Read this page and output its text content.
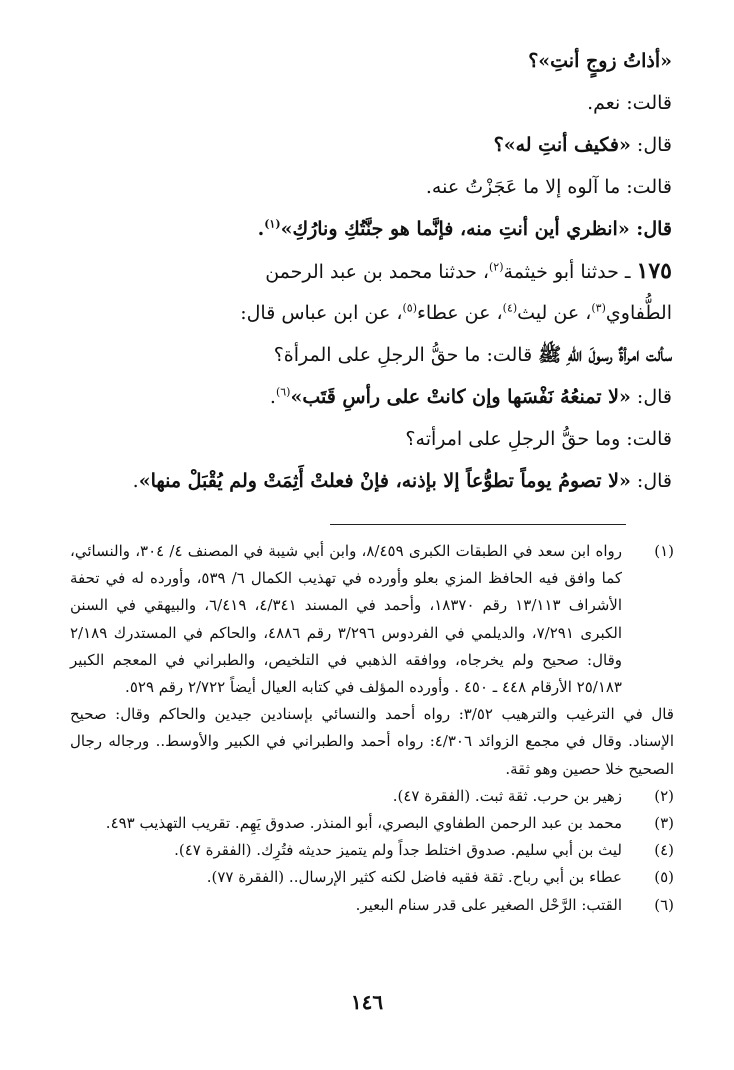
«أذاتُ زوجٍ أنتِ»؟
قالت: نعم.
قال: «فكيف أنتِ له»؟
قالت: ما آلوه إلا ما عَجَزْتُ عنه.
قال: «انظري أين أنتِ منه، فإنَّما هو جنَّتُكِ ونارُكِ»$^{(١)}$.
١٧٥ ـ حدثنا أبو خيثمة$^{(٢)}$، حدثنا محمد بن عبد الرحمن
الطُّفاوي$^{(٣)}$، عن ليث$^{(٤)}$، عن عطاء$^{(٥)}$، عن ابن عباس قال:
سألت امرأةٌ رسولَ اللّهِ ﷺ قالت: ما حقُّ الرجلِ على المرأة؟
قال: «لا تمنعُهُ نَفْسَها وإن كانتْ على رأسِ قَتَب»$^{(٦)}$.
قالت: وما حقُّ الرجلِ على امرأته؟
قال: «لا تصومُ يوماً تطوُّعاً إلا بإذنه، فإنْ فعلتْ أَثِمَتْ ولم يُقْبَلْ منها».
(١)
رواه ابن سعد في الطبقات الكبرى ٨/٤٥٩، وابن أبي شيبة في المصنف ٤/ ٣٠٤، والنسائي، كما وافق فيه الحافظ المزي بعلو وأورده في تهذيب الكمال ٦/ ٥٣٩، وأورده له في تحفة الأشراف ١٣/١١٣ رقم ١٨٣٧٠، وأحمد في المسند ٤/٣٤١، ٦/٤١٩، والبيهقي في السنن الكبرى ٧/٢٩١، والديلمي في الفردوس ٣/٢٩٦ رقم ٤٨٨٦، والحاكم في المستدرك ٢/١٨٩ وقال: صحيح ولم يخرجاه، ووافقه الذهبي في التلخيص، والطبراني في المعجم الكبير ٢٥/١٨٣ الأرقام ٤٤٨ ـ ٤٥٠ . وأورده المؤلف في كتابه العيال أيضاً ٢/٧٢٢ رقم ٥٢٩.
قال في الترغيب والترهيب ٣/٥٢: رواه أحمد والنسائي بإسنادين جيدين والحاكم وقال: صحيح الإسناد. وقال في مجمع الزوائد ٤/٣٠٦: رواه أحمد والطبراني في الكبير والأوسط.. ورجاله رجال الصحيح خلا حصين وهو ثقة.
(٢)
زهير بن حرب. ثقة ثبت. (الفقرة ٤٧).
(٣)
محمد بن عبد الرحمن الطفاوي البصري، أبو المنذر. صدوق يَهِم. تقريب التهذيب ٤٩٣.
(٤)
ليث بن أبي سليم. صدوق اختلط جداً ولم يتميز حديثه فتُرِك. (الفقرة ٤٧).
(٥)
عطاء بن أبي رباح. ثقة فقيه فاضل لكنه كثير الإرسال.. (الفقرة ٧٧).
(٦)
القتب: الرَّحْل الصغير على قدر سنام البعير.
١٤٦
